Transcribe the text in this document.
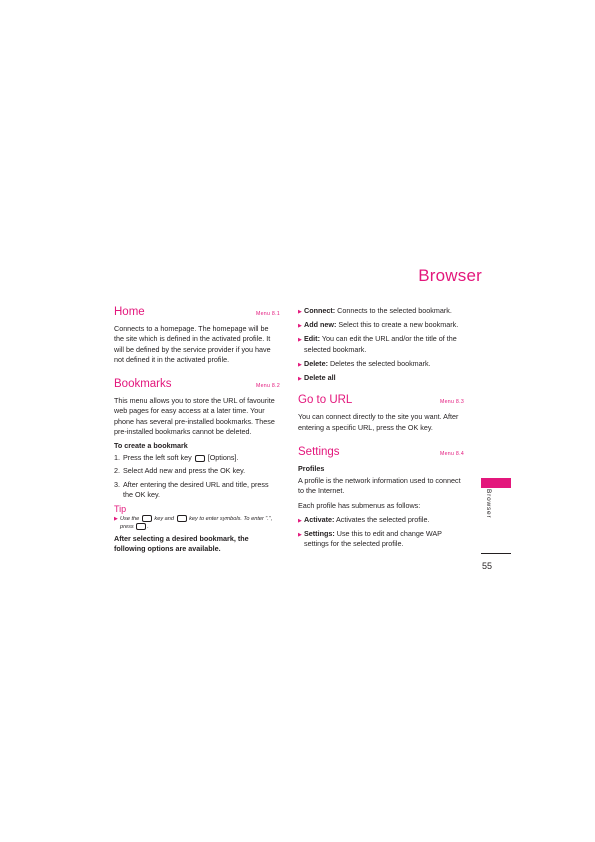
Browser
Home	Menu 8.1

Connects to a homepage. The homepage will be the site which is defined in the activated profile. It will be defined by the service provider if you have not defined it in the activated profile.

Bookmarks	Menu 8.2

This menu allows you to store the URL of favourite web pages for easy access at a later time. Your phone has several pre-installed bookmarks. These pre-installed bookmarks cannot be deleted.

To create a bookmark

1. Press the left soft key [Options].
2. Select Add new and press the OK key.
3. After entering the desired URL and title, press the OK key.
Tip

▶ Use the	key and	key to enter symbols. To enter “.”, press .

After selecting a desired bookmark, the following options are available.

▶ Connect: Connects to the selected bookmark.
▶ Add new: Select this to create a new bookmark.
▶ Edit: You can edit the URL and/or the title of the selected bookmark.
▶ Delete: Deletes the selected bookmark.
▶ Delete all
Go to URL	Menu 8.3

You can connect directly to the site you want. After entering a specific URL, press the OK key.

Settings	Menu 8.4

Profiles

A profile is the network information used to connect to the Internet.

Each profile has submenus as follows:

▶ Activate: Activates the selected profile.
▶ Settings: Use this to edit and change WAP settings for the selected profile.
Browser
55
